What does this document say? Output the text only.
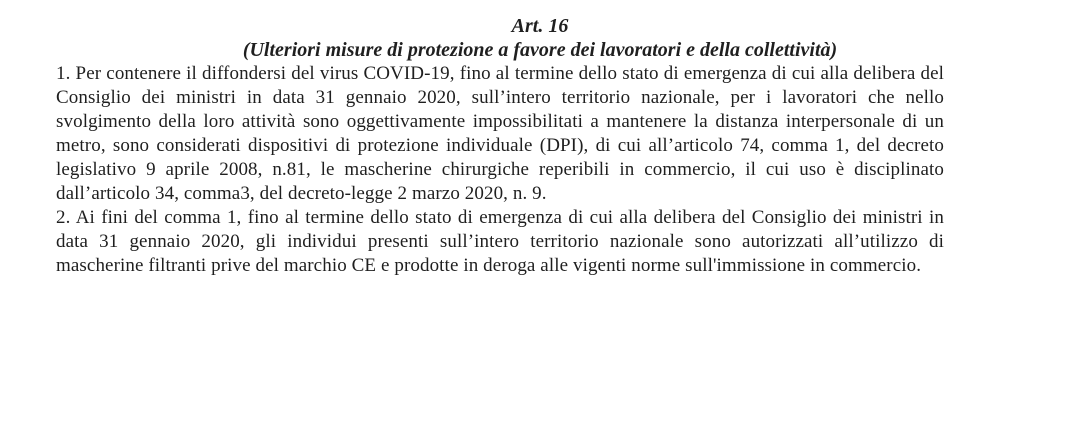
Art. 16
(Ulteriori misure di protezione a favore dei lavoratori e della collettività)

1. Per contenere il diffondersi del virus COVID-19, fino al termine dello stato di emergenza di cui alla delibera del Consiglio dei ministri in data 31 gennaio 2020, sull’intero territorio nazionale, per i lavoratori che nello svolgimento della loro attività sono oggettivamente impossibilitati a mantenere la distanza interpersonale di un metro, sono considerati dispositivi di protezione individuale (DPI), di cui all’articolo 74, comma 1, del decreto legislativo 9 aprile 2008, n.81, le mascherine chirurgiche reperibili in commercio, il cui uso è disciplinato dall’articolo 34, comma3, del decreto-legge 2 marzo 2020, n. 9.

2. Ai fini del comma 1, fino al termine dello stato di emergenza di cui alla delibera del Consiglio dei ministri in data 31 gennaio 2020, gli individui presenti sull’intero territorio nazionale sono autorizzati all’utilizzo di mascherine filtranti prive del marchio CE e prodotte in deroga alle vigenti norme sull'immissione in commercio.
